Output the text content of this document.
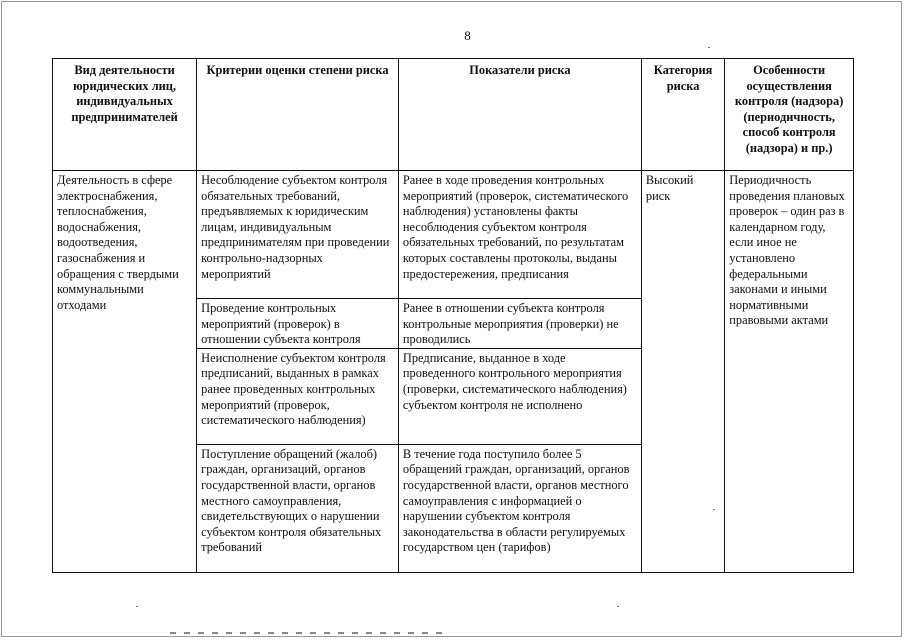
8
Вид деятельности юридических лиц, индивидуальных предпринимателей	Критерии оценки степени риска	Показатели риска	Категория риска	Особенности осуществления контроля (надзора) (периодичность, способ контроля (надзора) и пр.)
Деятельность в сфере электроснабжения, теплоснабжения, водоснабжения, водоотведения, газоснабжения и обращения с твердыми коммунальными отходами	Несоблюдение субъектом контроля обязательных требований, предъявляемых к юридическим лицам, индивидуальным предпринимателям при проведении контрольно-надзорных мероприятий	Ранее в ходе проведения контрольных мероприятий (проверок, систематического наблюдения) установлены факты несоблюдения субъектом контроля обязательных требований, по результатам которых составлены протоколы, выданы предостережения, предписания	Высокий риск	Периодичность проведения плановых проверок – один раз в календарном году, если иное не установлено федеральными законами и иными нормативными правовыми актами
	Проведение контрольных мероприятий (проверок) в отношении субъекта контроля	Ранее в отношении субъекта контроля контрольные мероприятия (проверки) не проводились		
	Неисполнение субъектом контроля предписаний, выданных в рамках ранее проведенных контрольных мероприятий (проверок, систематического наблюдения)	Предписание, выданное в ходе проведенного контрольного мероприятия (проверки, систематического наблюдения) субъектом контроля не исполнено		
	Поступление обращений (жалоб) граждан, организаций, органов государственной власти, органов местного самоуправления, свидетельствующих о нарушении субъектом контроля обязательных требований	В течение года поступило более 5 обращений граждан, организаций, органов государственной власти, органов местного самоуправления с информацией о нарушении субъектом контроля законодательства в области регулируемых государством цен (тарифов)		
